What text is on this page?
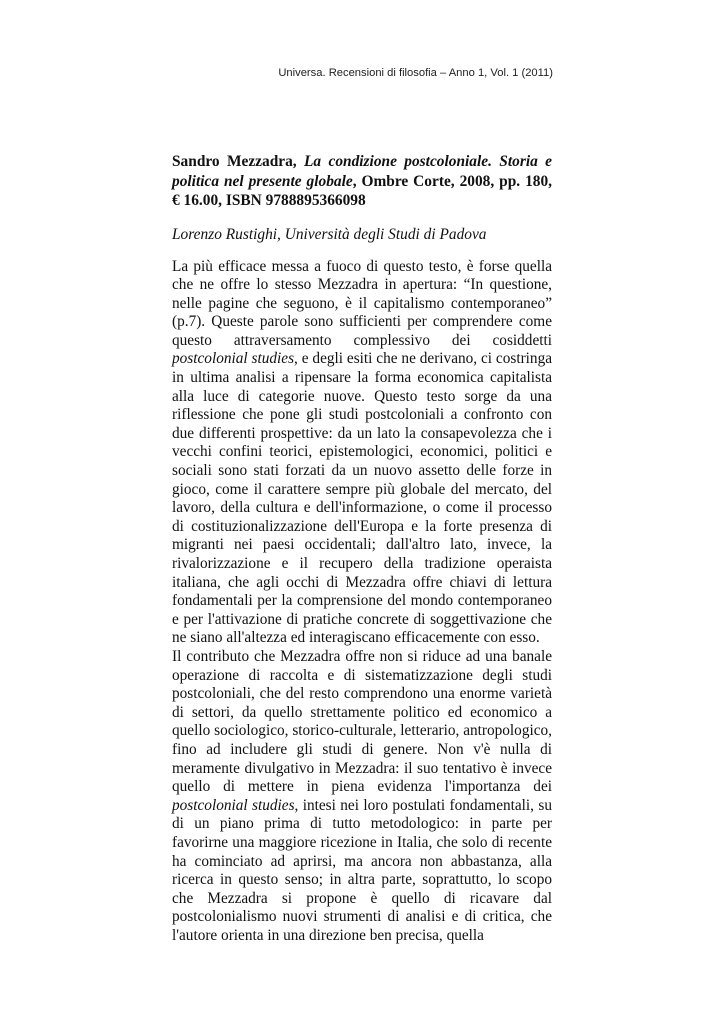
Universa. Recensioni di filosofia – Anno 1, Vol. 1 (2011)

Sandro Mezzadra, La condizione postcoloniale. Storia e politica nel presente globale, Ombre Corte, 2008, pp. 180, € 16.00, ISBN 9788895366098

Lorenzo Rustighi, Università degli Studi di Padova

La più efficace messa a fuoco di questo testo, è forse quella che ne offre lo stesso Mezzadra in apertura: “In questione, nelle pagine che seguono, è il capitalismo contemporaneo” (p.7). Queste parole sono sufficienti per comprendere come questo attraversamento complessivo dei cosiddetti postcolonial studies, e degli esiti che ne derivano, ci costringa in ultima analisi a ripensare la forma economica capitalista alla luce di categorie nuove. Questo testo sorge da una riflessione che pone gli studi postcoloniali a confronto con due differenti prospettive: da un lato la consapevolezza che i vecchi confini teorici, epistemologici, economici, politici e sociali sono stati forzati da un nuovo assetto delle forze in gioco, come il carattere sempre più globale del mercato, del lavoro, della cultura e dell'informazione, o come il processo di costituzionalizzazione dell'Europa e la forte presenza di migranti nei paesi occidentali; dall'altro lato, invece, la rivalorizzazione e il recupero della tradizione operaista italiana, che agli occhi di Mezzadra offre chiavi di lettura fondamentali per la comprensione del mondo contemporaneo e per l'attivazione di pratiche concrete di soggettivazione che ne siano all'altezza ed interagiscano efficacemente con esso.

Il contributo che Mezzadra offre non si riduce ad una banale operazione di raccolta e di sistematizzazione degli studi postcoloniali, che del resto comprendono una enorme varietà di settori, da quello strettamente politico ed economico a quello sociologico, storico-culturale, letterario, antropologico, fino ad includere gli studi di genere. Non v'è nulla di meramente divulgativo in Mezzadra: il suo tentativo è invece quello di mettere in piena evidenza l'importanza dei postcolonial studies, intesi nei loro postulati fondamentali, su di un piano prima di tutto metodologico: in parte per favorirne una maggiore ricezione in Italia, che solo di recente ha cominciato ad aprirsi, ma ancora non abbastanza, alla ricerca in questo senso; in altra parte, soprattutto, lo scopo che Mezzadra si propone è quello di ricavare dal postcolonialismo nuovi strumenti di analisi e di critica, che l'autore orienta in una direzione ben precisa, quella
